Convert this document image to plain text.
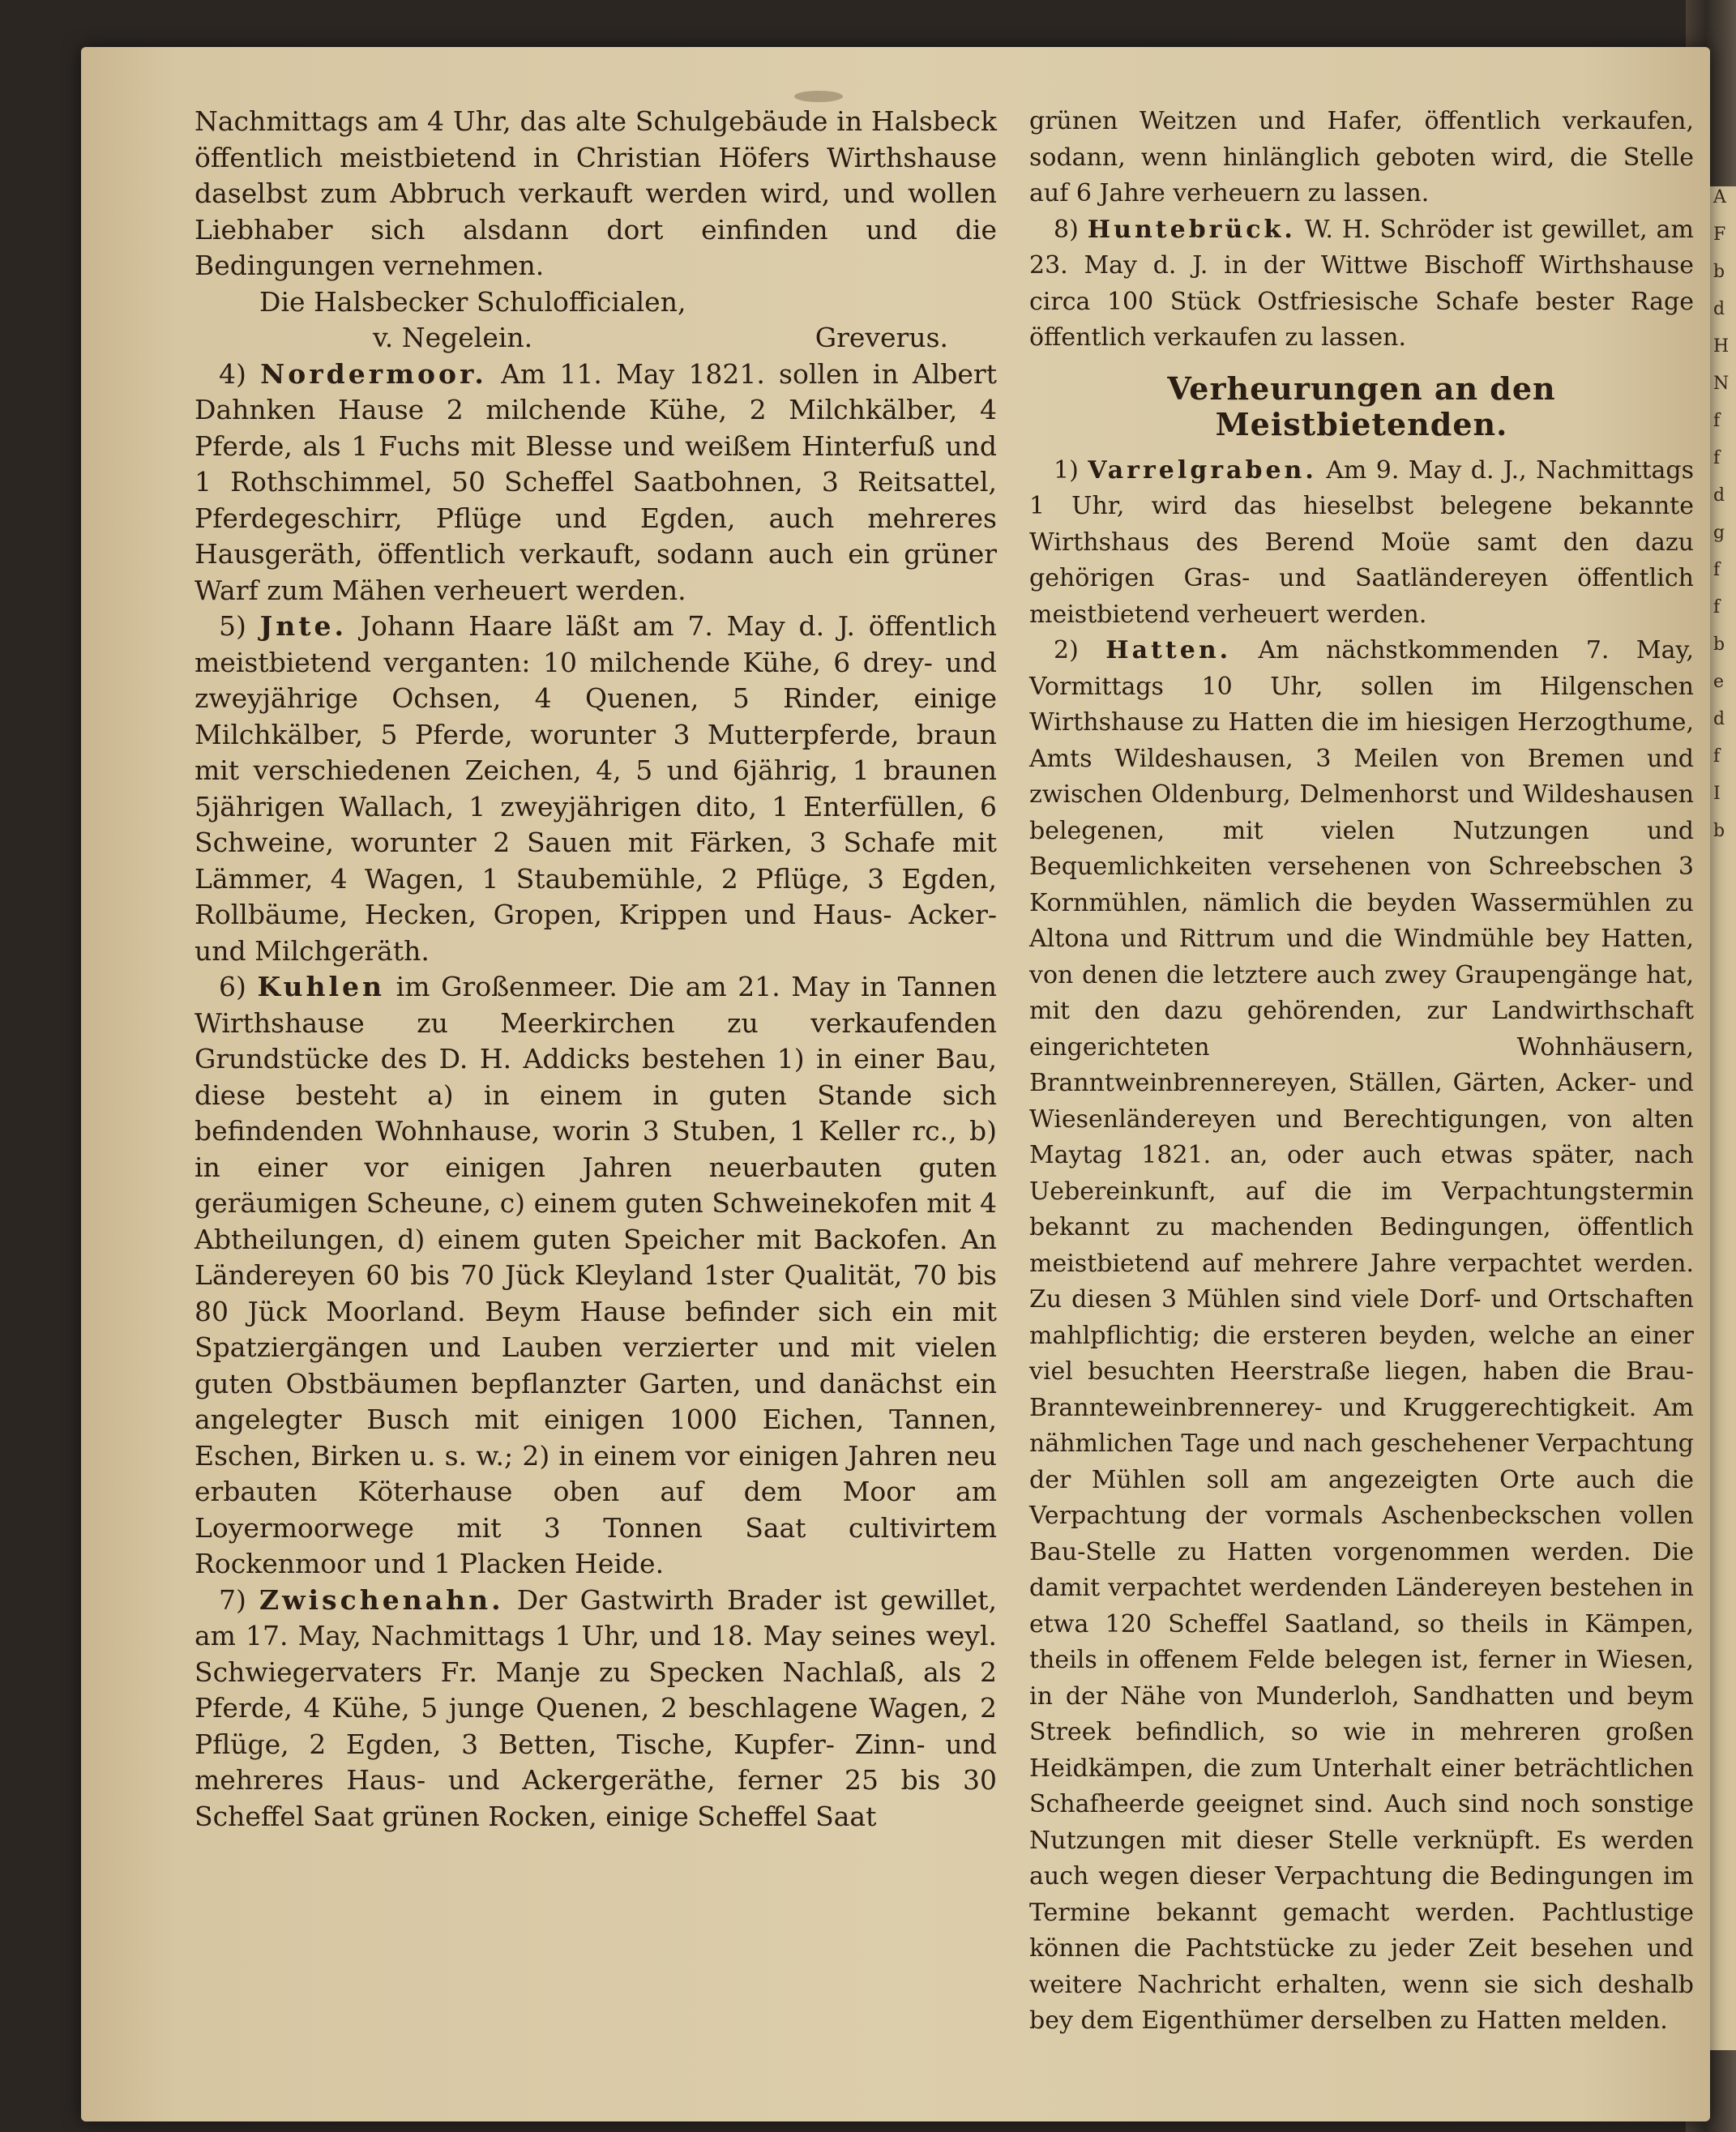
A
F
b
d
H
N
f
f
d
g
f
f
b
e
d
f
I
b

Nachmittags am 4 Uhr, das alte Schulgebäude in Halsbeck öffentlich meistbietend in Christian Höfers Wirthshause daselbst zum Abbruch verkauft werden wird, und wollen Liebhaber sich alsdann dort einfinden und die Bedingungen vernehmen.

Die Halsbecker Schulofficialen,

v. Negelein.	Greverus.

4) Nordermoor. Am 11. May 1821. sollen in Albert Dahnken Hause 2 milchende Kühe, 2 Milchkälber, 4 Pferde, als 1 Fuchs mit Blesse und weißem Hinterfuß und 1 Rothschimmel, 50 Scheffel Saatbohnen, 3 Reitsattel, Pferdegeschirr, Pflüge und Egden, auch mehreres Hausgeräth, öffentlich verkauft, sodann auch ein grüner Warf zum Mähen verheuert werden.

5) Jnte. Johann Haare läßt am 7. May d. J. öffentlich meistbietend verganten: 10 milchende Kühe, 6 drey- und zweyjährige Ochsen, 4 Quenen, 5 Rinder, einige Milchkälber, 5 Pferde, worunter 3 Mutterpferde, braun mit verschiedenen Zeichen, 4, 5 und 6jährig, 1 braunen 5jährigen Wallach, 1 zweyjährigen dito, 1 Enterfüllen, 6 Schweine, worunter 2 Sauen mit Färken, 3 Schafe mit Lämmer, 4 Wagen, 1 Staubemühle, 2 Pflüge, 3 Egden, Rollbäume, Hecken, Gropen, Krippen und Haus- Acker- und Milchgeräth.

6) Kuhlen im Großenmeer. Die am 21. May in Tannen Wirthshause zu Meerkirchen zu verkaufenden Grundstücke des D. H. Addicks bestehen 1) in einer Bau, diese besteht a) in einem in guten Stande sich befindenden Wohnhause, worin 3 Stuben, 1 Keller rc., b) in einer vor einigen Jahren neuerbauten guten geräumigen Scheune, c) einem guten Schweinekofen mit 4 Abtheilungen, d) einem guten Speicher mit Backofen. An Ländereyen 60 bis 70 Jück Kleyland 1ster Qualität, 70 bis 80 Jück Moorland. Beym Hause befinder sich ein mit Spatziergängen und Lauben verzierter und mit vielen guten Obstbäumen bepflanzter Garten, und danächst ein angelegter Busch mit einigen 1000 Eichen, Tannen, Eschen, Birken u. s. w.; 2) in einem vor einigen Jahren neu erbauten Köterhause oben auf dem Moor am Loyermoorwege mit 3 Tonnen Saat cultivirtem Rockenmoor und 1 Placken Heide.

7) Zwischenahn. Der Gastwirth Brader ist gewillet, am 17. May, Nachmittags 1 Uhr, und 18. May seines weyl. Schwiegervaters Fr. Manje zu Specken Nachlaß, als 2 Pferde, 4 Kühe, 5 junge Quenen, 2 beschlagene Wagen, 2 Pflüge, 2 Egden, 3 Betten, Tische, Kupfer- Zinn- und mehreres Haus- und Ackergeräthe, ferner 25 bis 30 Scheffel Saat grünen Rocken, einige Scheffel Saat

grünen Weitzen und Hafer, öffentlich verkaufen, sodann, wenn hinlänglich geboten wird, die Stelle auf 6 Jahre verheuern zu lassen.

8) Huntebrück. W. H. Schröder ist gewillet, am 23. May d. J. in der Wittwe Bischoff Wirthshause circa 100 Stück Ostfriesische Schafe bester Rage öffentlich verkaufen zu lassen.

Verheurungen an den Meistbietenden.

1) Varrelgraben. Am 9. May d. J., Nachmittags 1 Uhr, wird das hieselbst belegene bekannte Wirthshaus des Berend Moüe samt den dazu gehörigen Gras- und Saatländereyen öffentlich meistbietend verheuert werden.

2) Hatten. Am nächstkommenden 7. May, Vormittags 10 Uhr, sollen im Hilgenschen Wirthshause zu Hatten die im hiesigen Herzogthume, Amts Wildeshausen, 3 Meilen von Bremen und zwischen Oldenburg, Delmenhorst und Wildeshausen belegenen, mit vielen Nutzungen und Bequemlichkeiten versehenen von Schreebschen 3 Kornmühlen, nämlich die beyden Wassermühlen zu Altona und Rittrum und die Windmühle bey Hatten, von denen die letztere auch zwey Graupengänge hat, mit den dazu gehörenden, zur Landwirthschaft eingerichteten Wohnhäusern, Branntweinbrennereyen, Ställen, Gärten, Acker- und Wiesenländereyen und Berechtigungen, von alten Maytag 1821. an, oder auch etwas später, nach Uebereinkunft, auf die im Verpachtungstermin bekannt zu machenden Bedingungen, öffentlich meistbietend auf mehrere Jahre verpachtet werden. Zu diesen 3 Mühlen sind viele Dorf- und Ortschaften mahlpflichtig; die ersteren beyden, welche an einer viel besuchten Heerstraße liegen, haben die Brau- Brannteweinbrennerey- und Kruggerechtigkeit. Am nähmlichen Tage und nach geschehener Verpachtung der Mühlen soll am angezeigten Orte auch die Verpachtung der vormals Aschenbeckschen vollen Bau-Stelle zu Hatten vorgenommen werden. Die damit verpachtet werdenden Ländereyen bestehen in etwa 120 Scheffel Saatland, so theils in Kämpen, theils in offenem Felde belegen ist, ferner in Wiesen, in der Nähe von Munderloh, Sandhatten und beym Streek befindlich, so wie in mehreren großen Heidkämpen, die zum Unterhalt einer beträchtlichen Schafheerde geeignet sind. Auch sind noch sonstige Nutzungen mit dieser Stelle verknüpft. Es werden auch wegen dieser Verpachtung die Bedingungen im Termine bekannt gemacht werden. Pachtlustige können die Pachtstücke zu jeder Zeit besehen und weitere Nachricht erhalten, wenn sie sich deshalb bey dem Eigenthümer derselben zu Hatten melden.
